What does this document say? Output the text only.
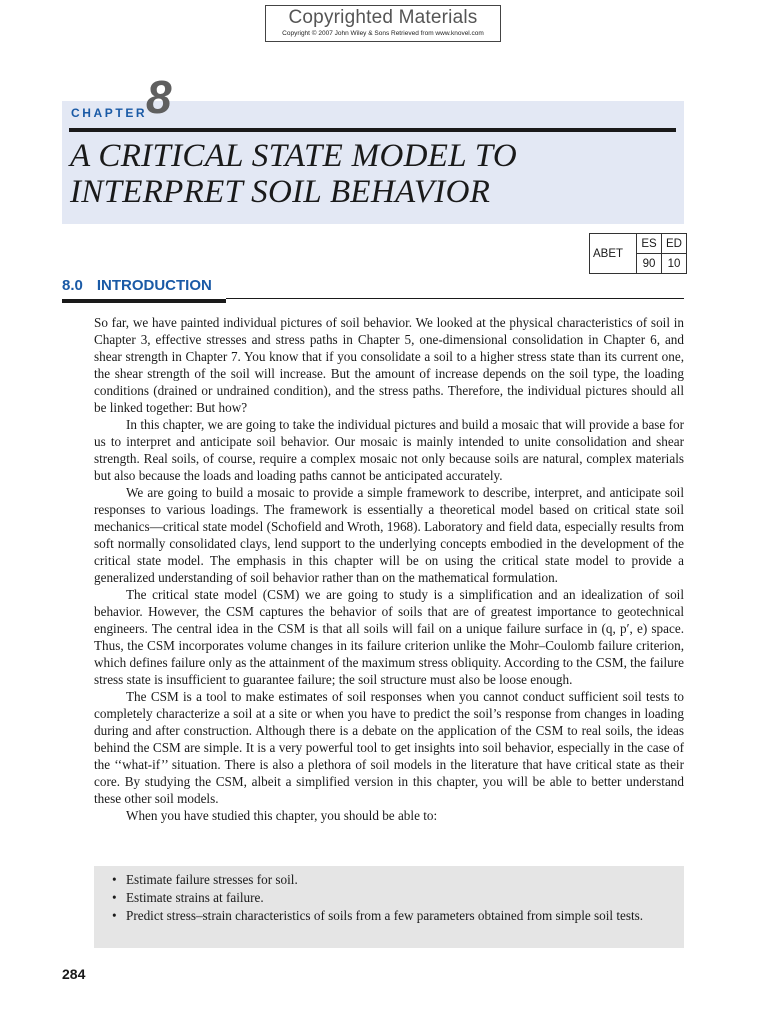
Copyrighted Materials
Copyright © 2007 John Wiley & Sons Retrieved from www.knovel.com
CHAPTER
8
A CRITICAL STATE MODEL TO
INTERPRET SOIL BEHAVIOR
ABET	ES	ED
	90	10
8.0 INTRODUCTION

So far, we have painted individual pictures of soil behavior. We looked at the physical characteristics of soil in Chapter 3, effective stresses and stress paths in Chapter 5, one-dimensional consolidation in Chapter 6, and shear strength in Chapter 7. You know that if you consolidate a soil to a higher stress state than its current one, the shear strength of the soil will increase. But the amount of increase depends on the soil type, the loading conditions (drained or undrained condition), and the stress paths. Therefore, the individual pictures should all be linked together: But how?

In this chapter, we are going to take the individual pictures and build a mosaic that will provide a base for us to interpret and anticipate soil behavior. Our mosaic is mainly intended to unite consolidation and shear strength. Real soils, of course, require a complex mosaic not only because soils are natural, complex materials but also because the loads and loading paths cannot be anticipated accurately.

We are going to build a mosaic to provide a simple framework to describe, interpret, and anticipate soil responses to various loadings. The framework is essentially a theoretical model based on critical state soil mechanics—critical state model (Schofield and Wroth, 1968). Laboratory and field data, especially results from soft normally consolidated clays, lend support to the underlying concepts embodied in the development of the critical state model. The emphasis in this chapter will be on using the critical state model to provide a generalized understanding of soil behavior rather than on the mathematical formulation.

The critical state model (CSM) we are going to study is a simplification and an idealization of soil behavior. However, the CSM captures the behavior of soils that are of greatest importance to geotechnical engineers. The central idea in the CSM is that all soils will fail on a unique failure surface in (q, p′, e) space. Thus, the CSM incorporates volume changes in its failure criterion unlike the Mohr–Coulomb failure criterion, which defines failure only as the attainment of the maximum stress obliquity. According to the CSM, the failure stress state is insufficient to guarantee failure; the soil structure must also be loose enough.

The CSM is a tool to make estimates of soil responses when you cannot conduct sufficient soil tests to completely characterize a soil at a site or when you have to predict the soil’s response from changes in loading during and after construction. Although there is a debate on the application of the CSM to real soils, the ideas behind the CSM are simple. It is a very powerful tool to get insights into soil behavior, especially in the case of the ‘‘what-if’’ situation. There is also a plethora of soil models in the literature that have critical state as their core. By studying the CSM, albeit a simplified version in this chapter, you will be able to better understand these other soil models.

When you have studied this chapter, you should be able to:

• Estimate failure stresses for soil.
• Estimate strains at failure.
• Predict stress–strain characteristics of soils from a few parameters obtained from simple soil tests.
284
